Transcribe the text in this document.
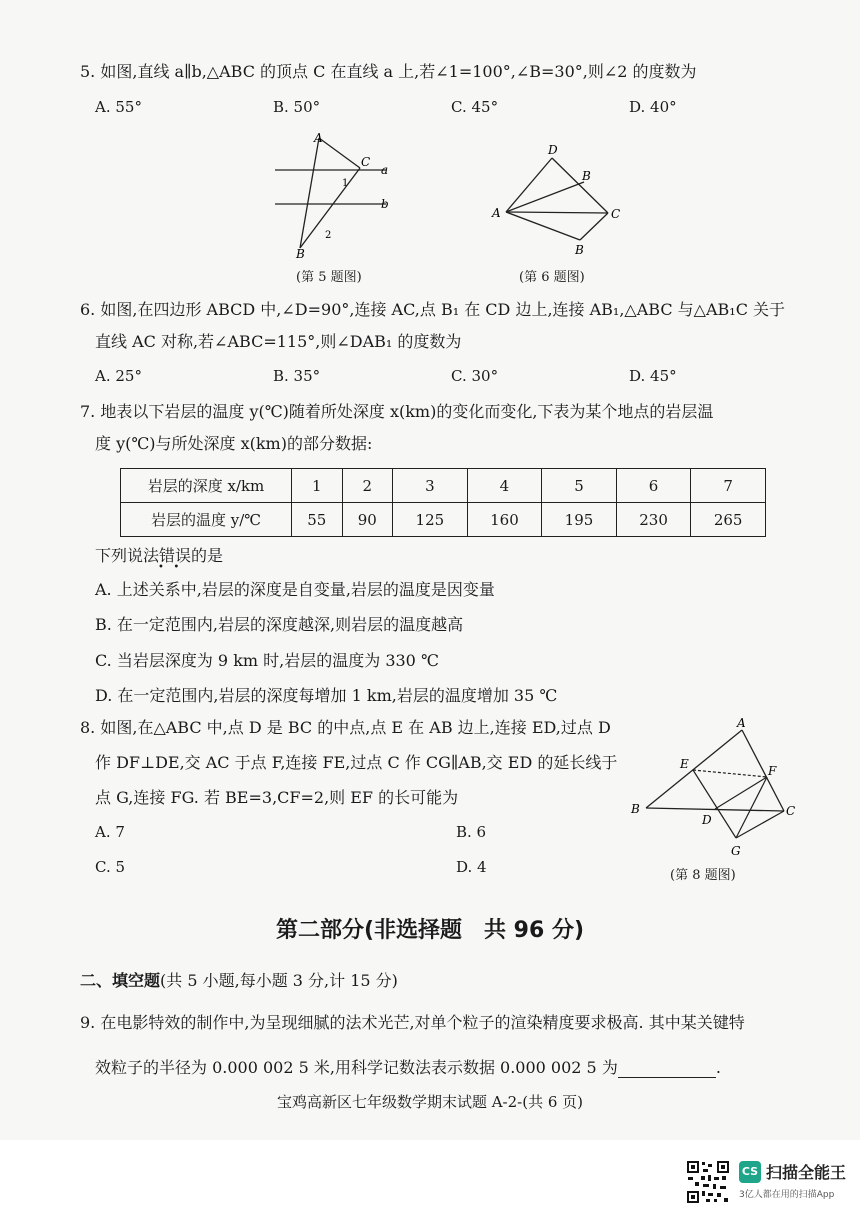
5. 如图,直线 a∥b,△ABC 的顶点 C 在直线 a 上,若∠1=100°,∠B=30°,则∠2 的度数为
A. 55°	B. 50°	C. 45°	D. 40°
A
C
a
b
B
1
2
(第 5 题图)
D
B
A	C
B
(第 6 题图)
6. 如图,在四边形 ABCD 中,∠D=90°,连接 AC,点 B₁ 在 CD 边上,连接 AB₁,△ABC 与△AB₁C 关于
直线 AC 对称,若∠ABC=115°,则∠DAB₁ 的度数为
A. 25°	B. 35°	C. 30°	D. 45°
7. 地表以下岩层的温度 y(℃)随着所处深度 x(km)的变化而变化,下表为某个地点的岩层温
度 y(℃)与所处深度 x(km)的部分数据:
岩层的深度 x/km	1	2	3	4	5	6	7
岩层的温度 y/℃	55	90	125	160	195	230	265
下列说法错误的是
•   •
A. 上述关系中,岩层的深度是自变量,岩层的温度是因变量
B. 在一定范围内,岩层的深度越深,则岩层的温度越高
C. 当岩层深度为 9 km 时,岩层的温度为 330 ℃
D. 在一定范围内,岩层的深度每增加 1 km,岩层的温度增加 35 ℃
8. 如图,在△ABC 中,点 D 是 BC 的中点,点 E 在 AB 边上,连接 ED,过点 D
作 DF⊥DE,交 AC 于点 F,连接 FE,过点 C 作 CG∥AB,交 ED 的延长线于
点 G,连接 FG. 若 BE=3,CF=2,则 EF 的长可能为
A. 7	B. 6
C. 5	D. 4
A
E	F
B	C
D
G
(第 8 题图)
第二部分(非选择题　共 96 分)
二、填空题(共 5 小题,每小题 3 分,计 15 分)
9. 在电影特效的制作中,为呈现细腻的法术光芒,对单个粒子的渲染精度要求极高. 其中某关键特
效粒子的半径为 0.000 002 5 米,用科学记数法表示数据 0.000 002 5 为	.
宝鸡高新区七年级数学期末试题 A-2-(共 6 页)
CS 扫描全能王
3亿人都在用的扫描App
